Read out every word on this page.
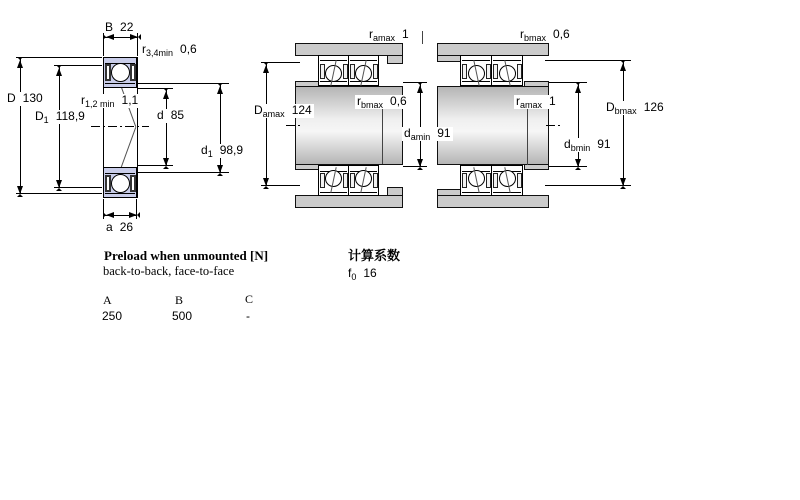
B 22
$r_{3,4min}$ 0,6
D 130
$D_1$ 118,9
$r_{1,2 min}$ 1,1
d 85
$d_1$ 98,9
a 26
$r_{amax}$ 1
$D_{amax}$ 124
$r_{bmax}$ 0,6
$d_{amin}$ 91
$r_{bmax}$ 0,6
$r_{amax}$ 1	$D_{bmax}$ 126
$d_{bmin}$ 91
Preload when unmounted [N]
back-to-back, face-to-face
计算系数
$f_0$ 16
A	B	C
250	500	-
